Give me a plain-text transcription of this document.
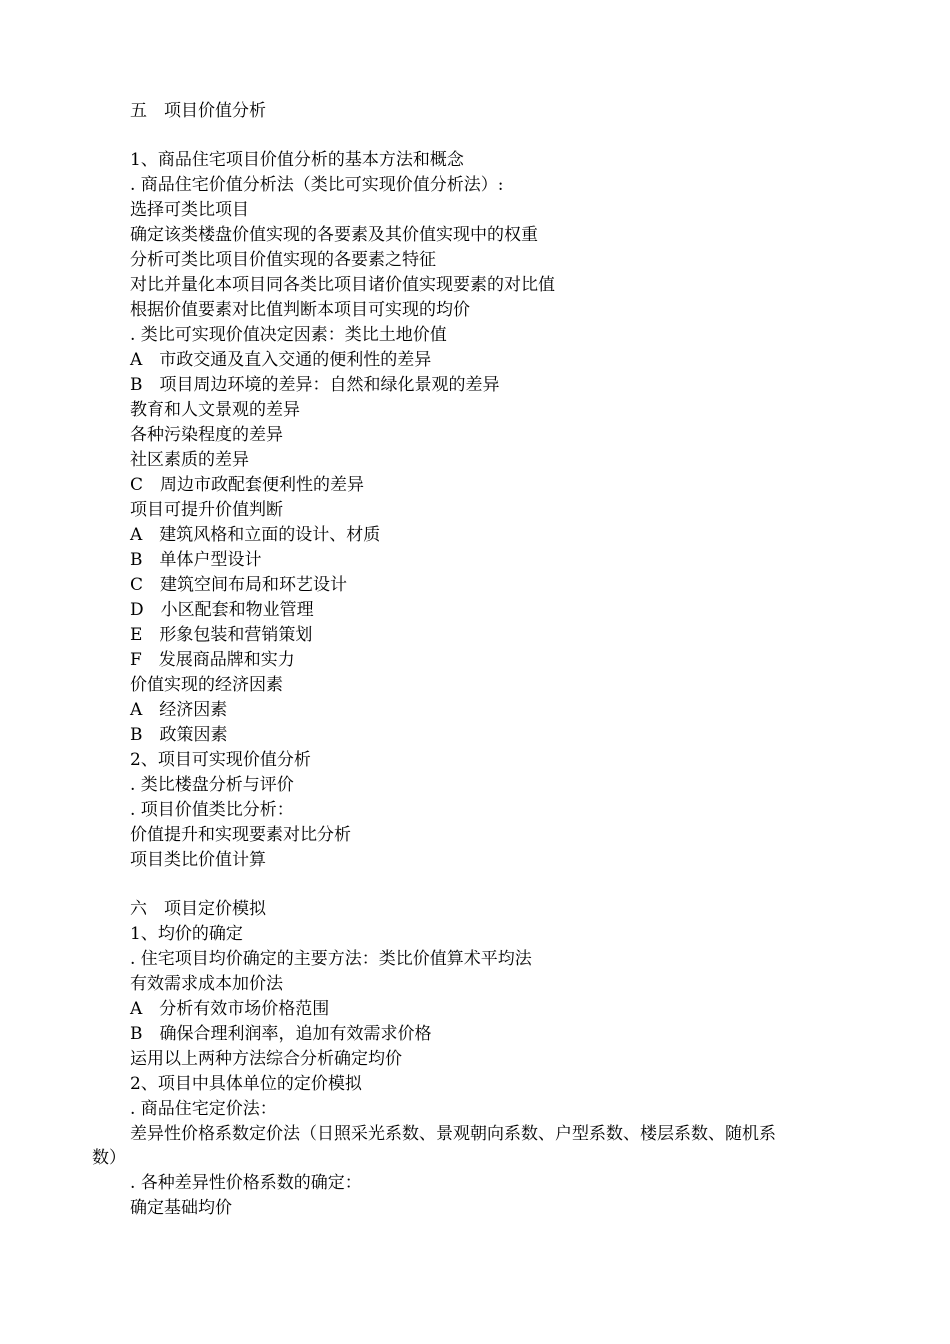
五　项目价值分析
1、商品住宅项目价值分析的基本方法和概念
. 商品住宅价值分析法（类比可实现价值分析法）:
选择可类比项目
确定该类楼盘价值实现的各要素及其价值实现中的权重
分析可类比项目价值实现的各要素之特征
对比并量化本项目同各类比项目诸价值实现要素的对比值
根据价值要素对比值判断本项目可实现的均价
. 类比可实现价值决定因素：类比土地价值
A　市政交通及直入交通的便利性的差异
B　项目周边环境的差异：自然和绿化景观的差异
教育和人文景观的差异
各种污染程度的差异
社区素质的差异
C　周边市政配套便利性的差异
项目可提升价值判断
A　建筑风格和立面的设计、材质
B　单体户型设计
C　建筑空间布局和环艺设计
D　小区配套和物业管理
E　形象包装和营销策划
F　发展商品牌和实力
价值实现的经济因素
A　经济因素
B　政策因素
2、项目可实现价值分析
. 类比楼盘分析与评价
. 项目价值类比分析：
价值提升和实现要素对比分析
项目类比价值计算
六　项目定价模拟
1、均价的确定
. 住宅项目均价确定的主要方法：类比价值算术平均法
有效需求成本加价法
A　分析有效市场价格范围
B　确保合理利润率，追加有效需求价格
运用以上两种方法综合分析确定均价
2、项目中具体单位的定价模拟
. 商品住宅定价法：
差异性价格系数定价法（日照采光系数、景观朝向系数、户型系数、楼层系数、随机系
数）
. 各种差异性价格系数的确定：
确定基础均价
